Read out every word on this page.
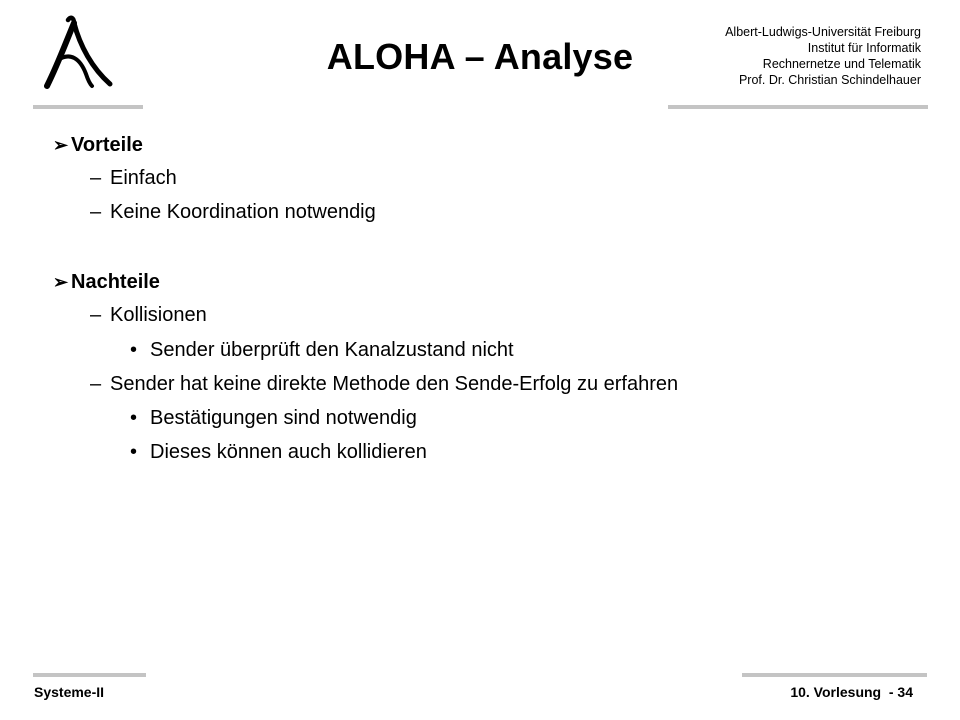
ALOHA – Analyse
Albert-Ludwigs-Universität Freiburg
Institut für Informatik
Rechnernetze und Telematik
Prof. Dr. Christian Schindelhauer
➢ Vorteile
– Einfach
– Keine Koordination notwendig
➢ Nachteile
– Kollisionen
• Sender überprüft den Kanalzustand nicht
– Sender hat keine direkte Methode den Sende-Erfolg zu erfahren
• Bestätigungen sind notwendig
• Dieses können auch kollidieren
Systeme-II	10. Vorlesung  - 34
